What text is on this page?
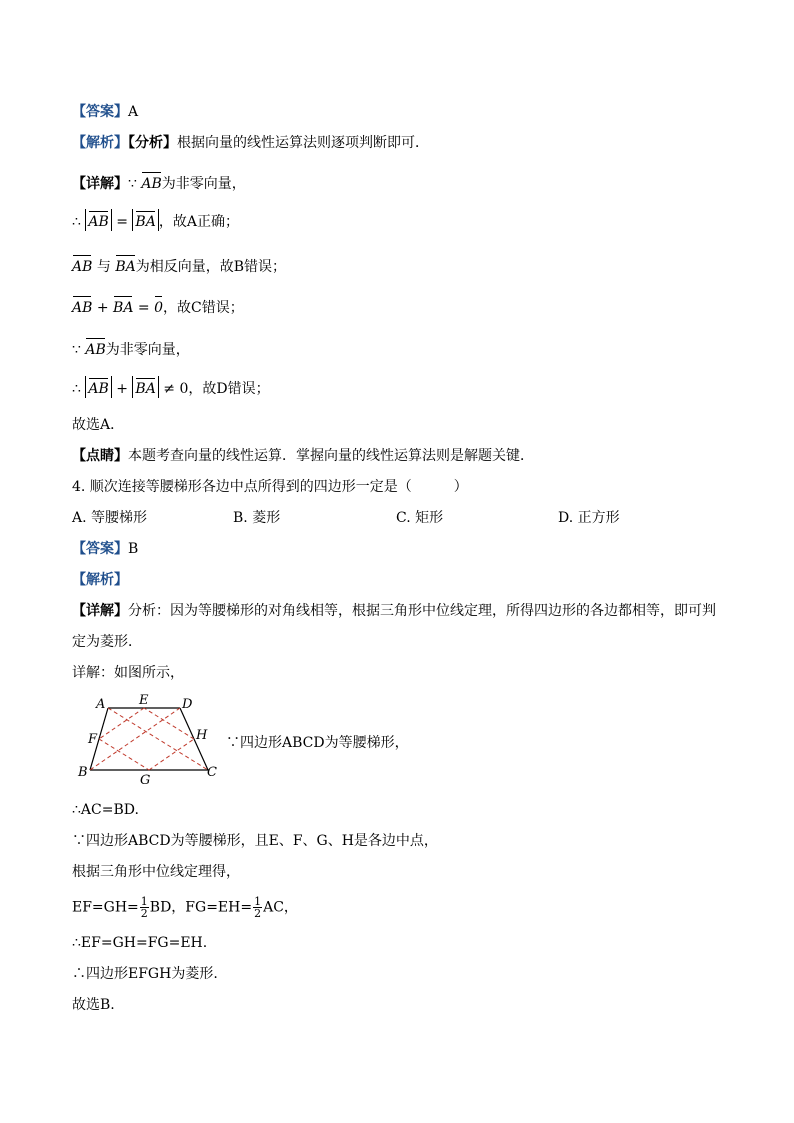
【答案】A
【解析】【分析】根据向量的线性运算法则逐项判断即可．
【详解】∵ AB为非零向量，
∴ AB = BA ，故A正确；
AB 与 BA为相反向量，故B错误；
AB + BA = 0，故C错误；
∵ AB为非零向量，
∴ AB + BA ≠ 0，故D错误；
故选A．
【点睛】本题考查向量的线性运算．掌握向量的线性运算法则是解题关键．
4. 顺次连接等腰梯形各边中点所得到的四边形一定是（　　　）
A. 等腰梯形	B. 菱形	C. 矩形	D. 正方形
【答案】B
【解析】
【详解】分析：因为等腰梯形的对角线相等，根据三角形中位线定理，所得四边形的各边都相等，即可判
定为菱形．
详解：如图所示，
A	D
E
F	H
B
G
C
∵四边形ABCD为等腰梯形，
∴AC=BD.
∵四边形ABCD为等腰梯形，且E、F、G、H是各边中点，
根据三角形中位线定理得，
$EF=GH= \frac{1}{2}$ BD，$FG=EH= \frac{1}{2}$ AC，
∴EF=GH=FG=EH.
∴四边形EFGH为菱形.
故选B.
